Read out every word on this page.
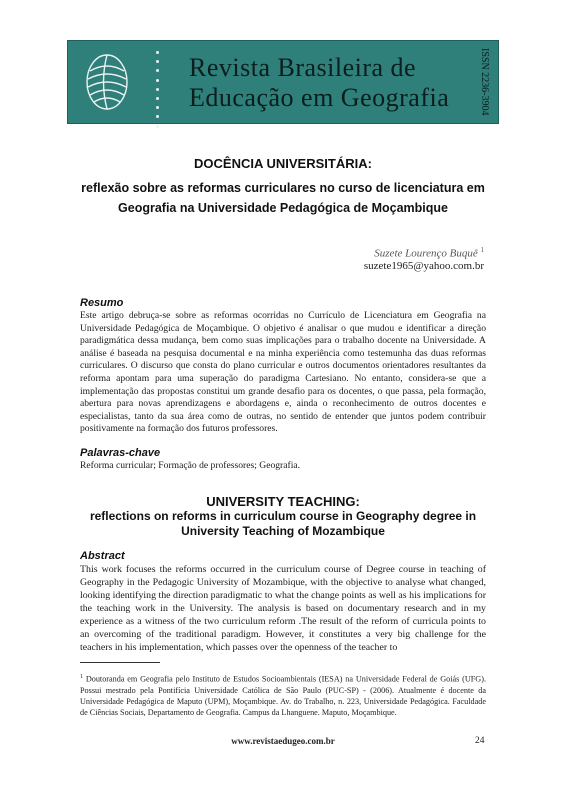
Revista Brasileira de
Educação em Geografia	ISSN 2236-3904
DOCÊNCIA UNIVERSITÁRIA:
reflexão sobre as reformas curriculares no curso de licenciatura em
Geografia na Universidade Pedagógica de Moçambique
Suzete Lourenço Buquê $^1$
suzete1965@yahoo.com.br
Resumo
Este artigo debruça-se sobre as reformas ocorridas no Currículo de Licenciatura em Geografia na Universidade Pedagógica de Moçambique. O objetivo é analisar o que mudou e identificar a direção paradigmática dessa mudança, bem como suas implicações para o trabalho docente na Universidade. A análise é baseada na pesquisa documental e na minha experiência como testemunha das duas reformas curriculares. O discurso que consta do plano curricular e outros documentos orientadores resultantes da reforma apontam para uma superação do paradigma Cartesiano. No entanto, considera-se que a implementação das propostas constitui um grande desafio para os docentes, o que passa, pela formação, abertura para novas aprendizagens e abordagens e, ainda o reconhecimento de outros docentes e especialistas, tanto da sua área como de outras, no sentido de entender que juntos podem contribuir positivamente na formação dos futuros professores.
Palavras-chave
Reforma curricular; Formação de professores; Geografia.
UNIVERSITY TEACHING:
reflections on reforms in curriculum course in Geography degree in
University Teaching of Mozambique
Abstract
This work focuses the reforms occurred in the curriculum course of Degree course in teaching of Geography in the Pedagogic University of Mozambique, with the objective to analyse what changed, looking identifying the direction paradigmatic to what the change points as well as his implications for the teaching work in the University. The analysis is based on documentary research and in my experience as a witness of the two curriculum reform .The result of the reform of curricula points to an overcoming of the traditional paradigm. However, it constitutes a very big challenge for the teachers in his implementation, which passes over the openness of the teacher to
$^1$ Doutoranda em Geografia pelo Instituto de Estudos Socioambientais (IESA) na Universidade Federal de Goiás (UFG). Possui mestrado pela Pontifícia Universidade Católica de São Paulo (PUC-SP) - (2006). Atualmente é docente da Universidade Pedagógica de Maputo (UPM), Moçambique. Av. do Trabalho, n. 223, Universidade Pedagógica. Faculdade de Ciências Sociais, Departamento de Geografia. Campus da Lhanguene. Maputo, Moçambique.
www.revistaedugeo.com.br	24
